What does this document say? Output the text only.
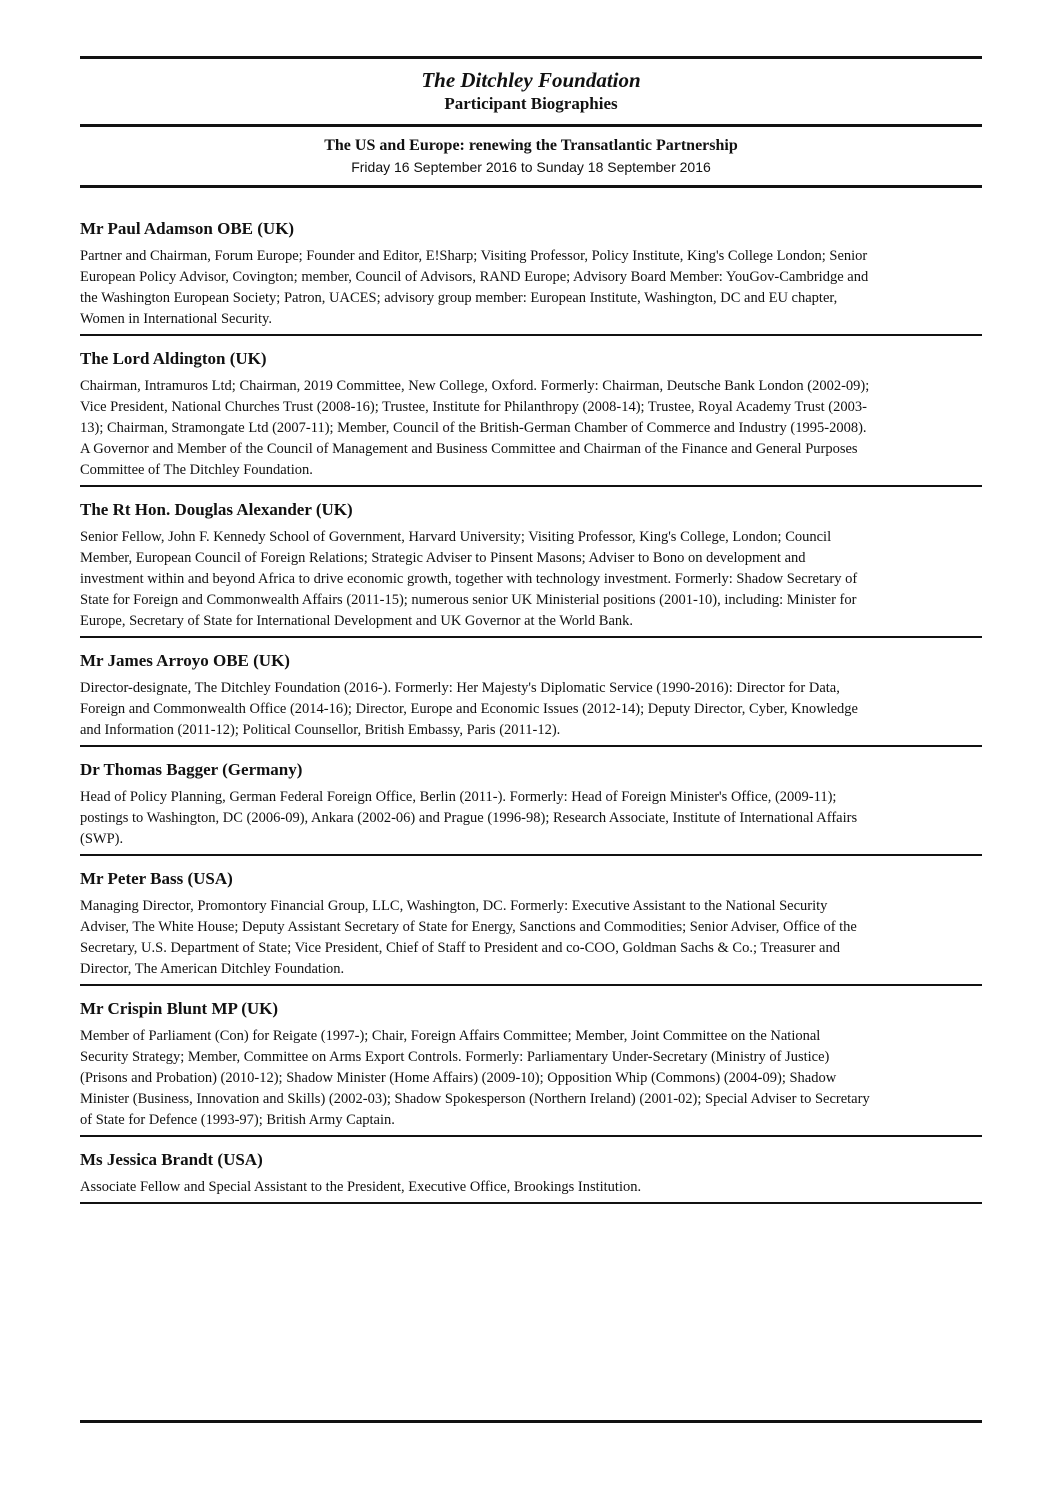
The Ditchley Foundation
Participant Biographies
The US and Europe: renewing the Transatlantic Partnership
Friday 16 September 2016 to Sunday 18 September 2016
Mr Paul Adamson OBE (UK)
Partner and Chairman, Forum Europe; Founder and Editor, E!Sharp; Visiting Professor, Policy Institute, King's College London; Senior European Policy Advisor, Covington; member, Council of Advisors, RAND Europe; Advisory Board Member: YouGov-Cambridge and the Washington European Society; Patron, UACES; advisory group member: European Institute, Washington, DC and EU chapter, Women in International Security.
The Lord Aldington (UK)
Chairman, Intramuros Ltd; Chairman, 2019 Committee, New College, Oxford. Formerly: Chairman, Deutsche Bank London (2002-09); Vice President, National Churches Trust (2008-16); Trustee, Institute for Philanthropy (2008-14); Trustee, Royal Academy Trust (2003-13); Chairman, Stramongate Ltd (2007-11); Member, Council of the British-German Chamber of Commerce and Industry (1995-2008). A Governor and Member of the Council of Management and Business Committee and Chairman of the Finance and General Purposes Committee of The Ditchley Foundation.
The Rt Hon. Douglas Alexander (UK)
Senior Fellow, John F. Kennedy School of Government, Harvard University; Visiting Professor, King's College, London; Council Member, European Council of Foreign Relations; Strategic Adviser to Pinsent Masons; Adviser to Bono on development and investment within and beyond Africa to drive economic growth, together with technology investment. Formerly: Shadow Secretary of State for Foreign and Commonwealth Affairs (2011-15); numerous senior UK Ministerial positions (2001-10), including: Minister for Europe, Secretary of State for International Development and UK Governor at the World Bank.
Mr James Arroyo OBE (UK)
Director-designate, The Ditchley Foundation (2016-). Formerly: Her Majesty's Diplomatic Service (1990-2016): Director for Data, Foreign and Commonwealth Office (2014-16); Director, Europe and Economic Issues (2012-14); Deputy Director, Cyber, Knowledge and Information (2011-12); Political Counsellor, British Embassy, Paris (2011-12).
Dr Thomas Bagger (Germany)
Head of Policy Planning, German Federal Foreign Office, Berlin (2011-). Formerly: Head of Foreign Minister's Office, (2009-11); postings to Washington, DC (2006-09), Ankara (2002-06) and Prague (1996-98); Research Associate, Institute of International Affairs (SWP).
Mr Peter Bass (USA)
Managing Director, Promontory Financial Group, LLC, Washington, DC. Formerly: Executive Assistant to the National Security Adviser, The White House; Deputy Assistant Secretary of State for Energy, Sanctions and Commodities; Senior Adviser, Office of the Secretary, U.S. Department of State; Vice President, Chief of Staff to President and co-COO, Goldman Sachs & Co.; Treasurer and Director, The American Ditchley Foundation.
Mr Crispin Blunt MP (UK)
Member of Parliament (Con) for Reigate (1997-); Chair, Foreign Affairs Committee; Member, Joint Committee on the National Security Strategy; Member, Committee on Arms Export Controls. Formerly: Parliamentary Under-Secretary (Ministry of Justice) (Prisons and Probation) (2010-12); Shadow Minister (Home Affairs) (2009-10); Opposition Whip (Commons) (2004-09); Shadow Minister (Business, Innovation and Skills) (2002-03); Shadow Spokesperson (Northern Ireland) (2001-02); Special Adviser to Secretary of State for Defence (1993-97); British Army Captain.
Ms Jessica Brandt (USA)
Associate Fellow and Special Assistant to the President, Executive Office, Brookings Institution.
